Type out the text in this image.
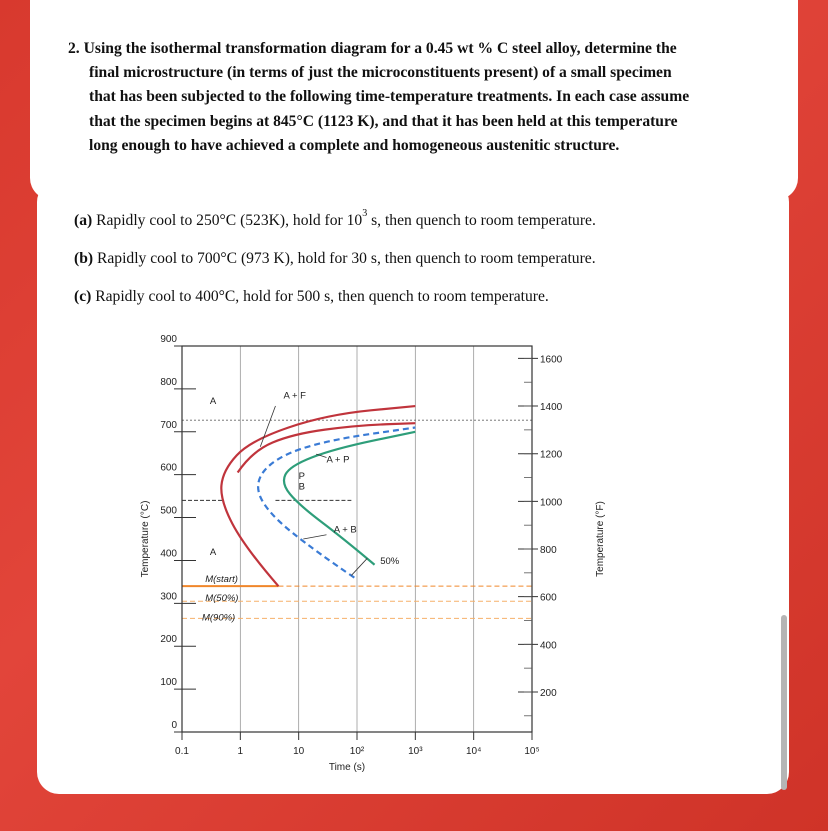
2. Using the isothermal transformation diagram for a 0.45 wt % C steel alloy, determine the
final microstructure (in terms of just the microconstituents present) of a small specimen
that has been subjected to the following time-temperature treatments. In each case assume
that the specimen begins at 845°C (1123 K), and that it has been held at this temperature
long enough to have achieved a complete and homogeneous austenitic structure.
(a) Rapidly cool to 250°C (523K), hold for $10^3$ s, then quench to room temperature.
(b) Rapidly cool to 700°C (973 K), hold for 30 s, then quench to room temperature.
(c) Rapidly cool to 400°C, hold for 500 s, then quench to room temperature.
0.1	1	10	10²	10³	10⁴	10⁵
0
100
200
300
400
500
600
700
800
900
200
400
600
800
1000
1200
1400
1600
Time (s)
Temperature (°C)	Temperature (°F)
A
A + F
A + P
P
B
A + B
A
50%
M(start)
M(50%)
M(90%)
